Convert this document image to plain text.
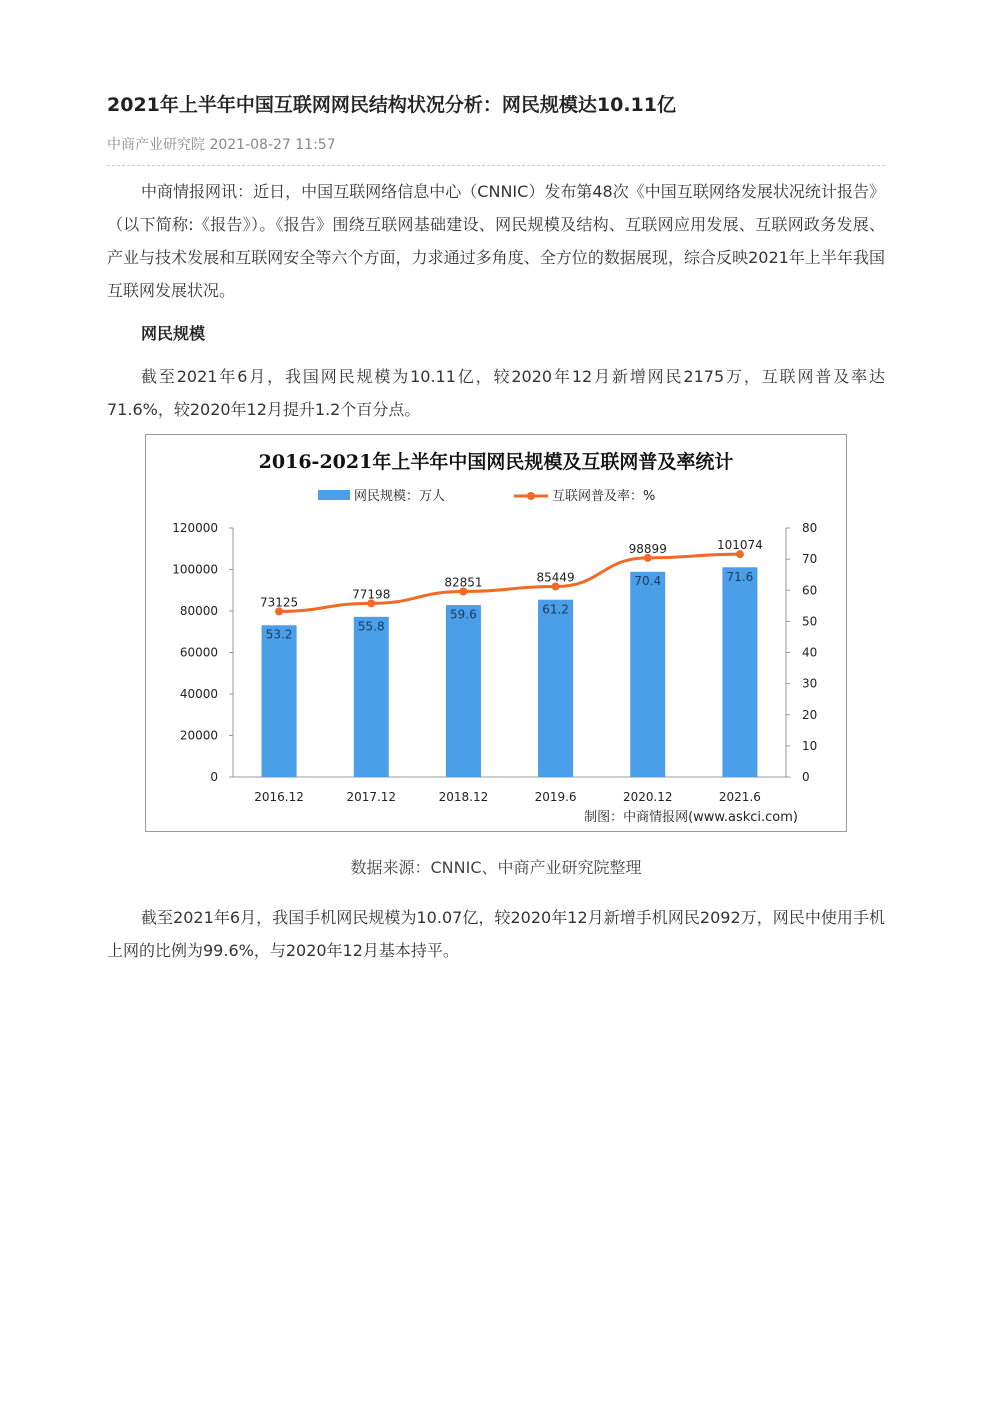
2021年上半年中国互联网网民结构状况分析：网民规模达10.11亿
中商产业研究院 2021-08-27 11:57

中商情报网讯：近日，中国互联网络信息中心（CNNIC）发布第48次《中国互联网络发展状况统计报告》（以下简称:《报告》）。《报告》围绕互联网基础建设、网民规模及结构、互联网应用发展、互联网政务发展、产业与技术发展和互联网安全等六个方面，力求通过多角度、全方位的数据展现，综合反映2021年上半年我国互联网发展状况。

网民规模

截至2021年6月，我国网民规模为10.11亿，较2020年12月新增网民2175万，互联网普及率达71.6%，较2020年12月提升1.2个百分点。

2016-2021年上半年中国网民规模及互联网普及率统计
网民规模：万人	互联网普及率：%
0
20000
40000
60000
80000
100000
120000
0
10
20
30
40
50
60
70
80
73125
77198
82851	85449
98899	101074
53.2
55.8
59.6	61.2
70.4	71.6
2016.12	2017.12	2018.12	2019.6	2020.12	2021.6
制图：中商情报网(www.askci.com)
数据来源：CNNIC、中商产业研究院整理

截至2021年6月，我国手机网民规模为10.07亿，较2020年12月新增手机网民2092万，网民中使用手机上网的比例为99.6%，与2020年12月基本持平。
